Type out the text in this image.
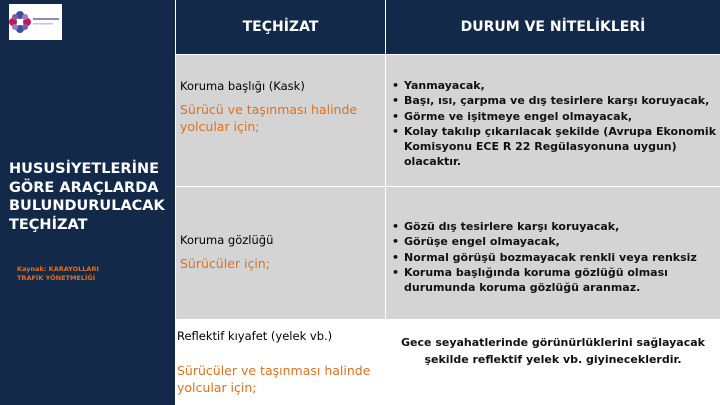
HUSUSİYETLERİNE
GÖRE ARAÇLARDA
BULUNDURULACAK
TEÇHİZAT
Kaynak: KARAYOLLARI
TRAFİK YÖNETMELİĞİ
TEÇHİZAT	DURUM VE NİTELİKLERİ
Koruma başlığı (Kask)
Sürücü ve taşınması halinde
yolcular için;
• Yanmayacak,
• Başı, ısı, çarpma ve dış tesirlere karşı koruyacak,
• Görme ve işitmeye engel olmayacak,
• Kolay takılıp çıkarılacak şekilde (Avrupa Ekonomik
Komisyonu ECE R 22 Regülasyonuna uygun)
olacaktır.
Koruma gözlüğü
Sürücüler için;
• Gözü dış tesirlere karşı koruyacak,
• Görüşe engel olmayacak,
• Normal görüşü bozmayacak renkli veya renksiz
• Koruma başlığında koruma gözlüğü olması
durumunda koruma gözlüğü aranmaz.
Reflektif kıyafet (yelek vb.)
Sürücüler ve taşınması halinde
yolcular için;
Gece seyahatlerinde görünürlüklerini sağlayacak
şekilde reflektif yelek vb. giyineceklerdir.
